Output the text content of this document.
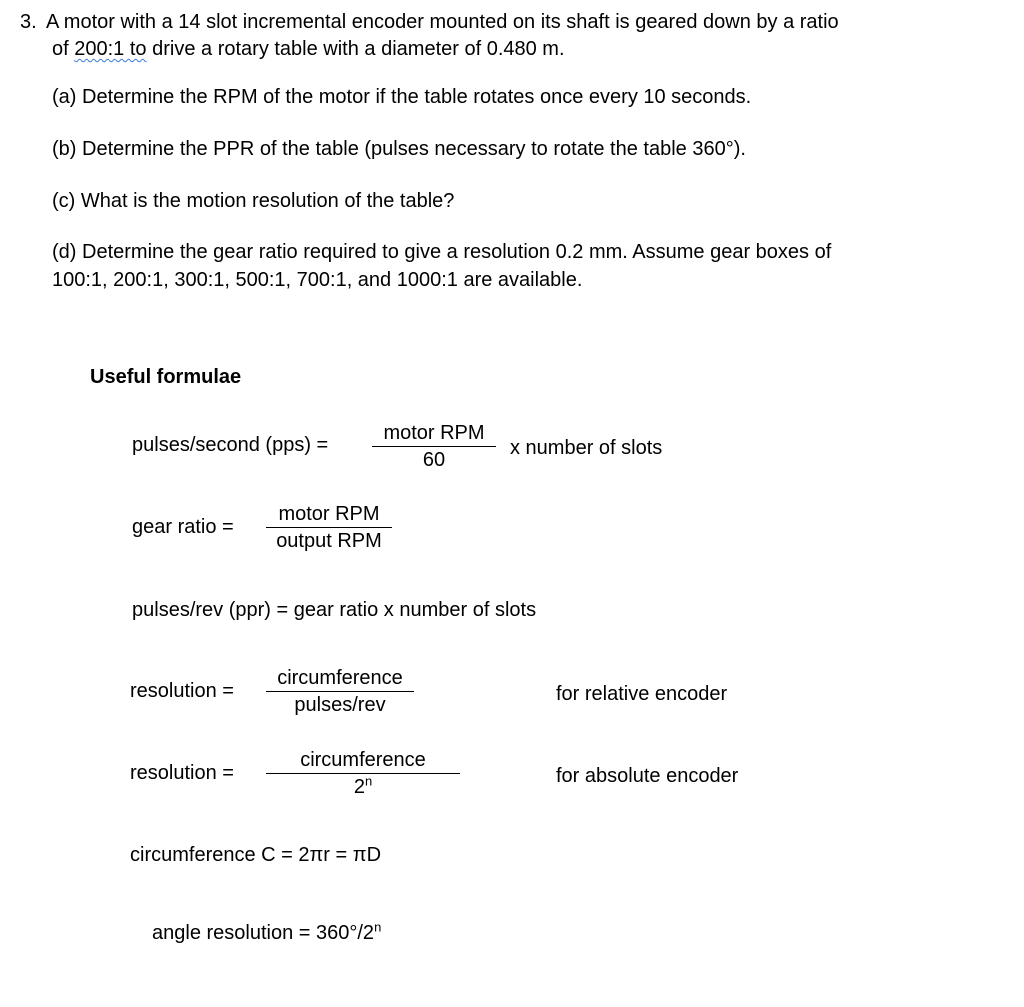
3. A motor with a 14 slot incremental encoder mounted on its shaft is geared down by a ratio
of 200:1 to drive a rotary table with a diameter of 0.480 m.
(a) Determine the RPM of the motor if the table rotates once every 10 seconds.
(b) Determine the PPR of the table (pulses necessary to rotate the table 360°).
(c) What is the motion resolution of the table?
(d) Determine the gear ratio required to give a resolution 0.2 mm. Assume gear boxes of
100:1, 200:1, 300:1, 500:1, 700:1, and 1000:1 are available.
Useful formulae
pulses/second (pps) =
motor RPM
60
x number of slots
gear ratio =
motor RPM
output RPM
pulses/rev (ppr) = gear ratio x number of slots
resolution =
circumference
pulses/rev	for relative encoder
resolution =
circumference
2$^n$	for absolute encoder
circumference C = 2πr = πD
angle resolution = $360^\circ/2^n$
